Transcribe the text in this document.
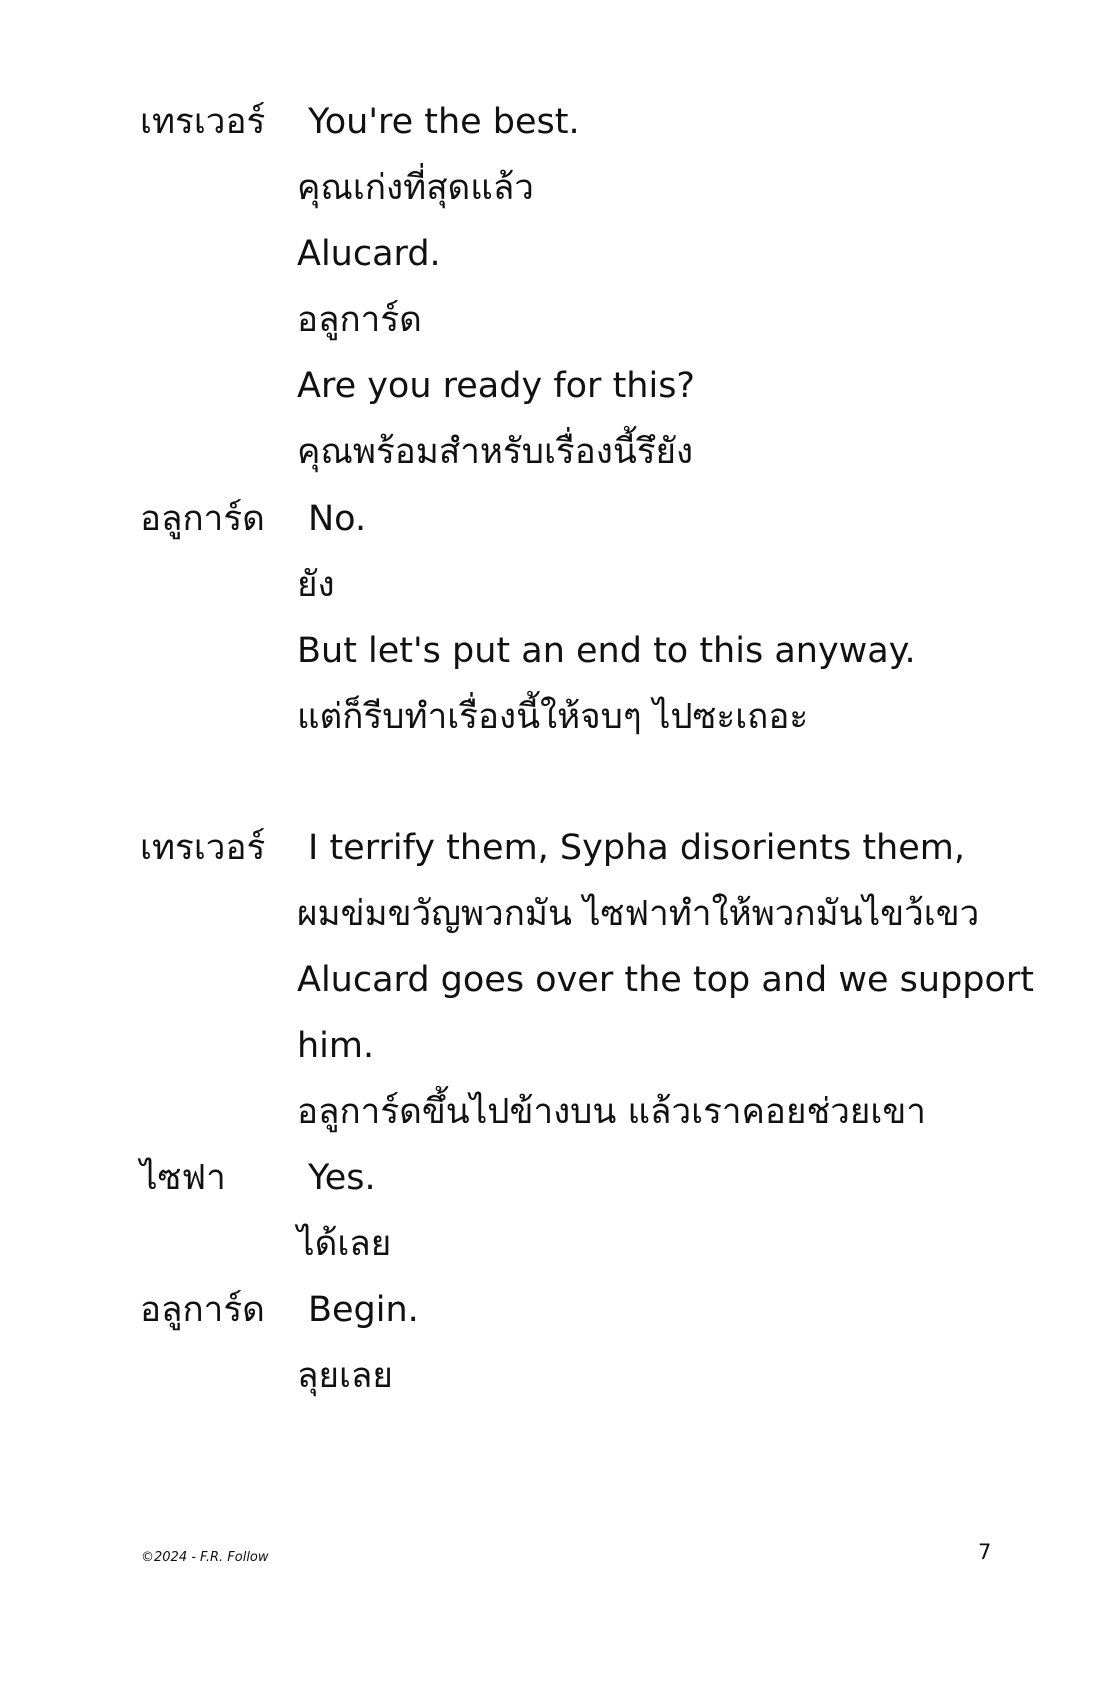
เทรเวอร์ You're the best.
คุณเก่งที่สุดแล้ว
Alucard.
อลูการ์ด
Are you ready for this?
คุณพร้อมสำหรับเรื่องนี้รึยัง
อลูการ์ด No.
ยัง
But let's put an end to this anyway.
แต่ก็รีบทำเรื่องนี้ให้จบๆ ไปซะเถอะ
เทรเวอร์ I terrify them, Sypha disorients them,
ผมข่มขวัญพวกมัน ไซฟาทำให้พวกมันไขว้เขว
Alucard goes over the top and we support
him.
อลูการ์ดขึ้นไปข้างบน แล้วเราคอยช่วยเขา
ไซฟา Yes.
ได้เลย
อลูการ์ด Begin.
ลุยเลย
©2024 - F.R. Follow	7
